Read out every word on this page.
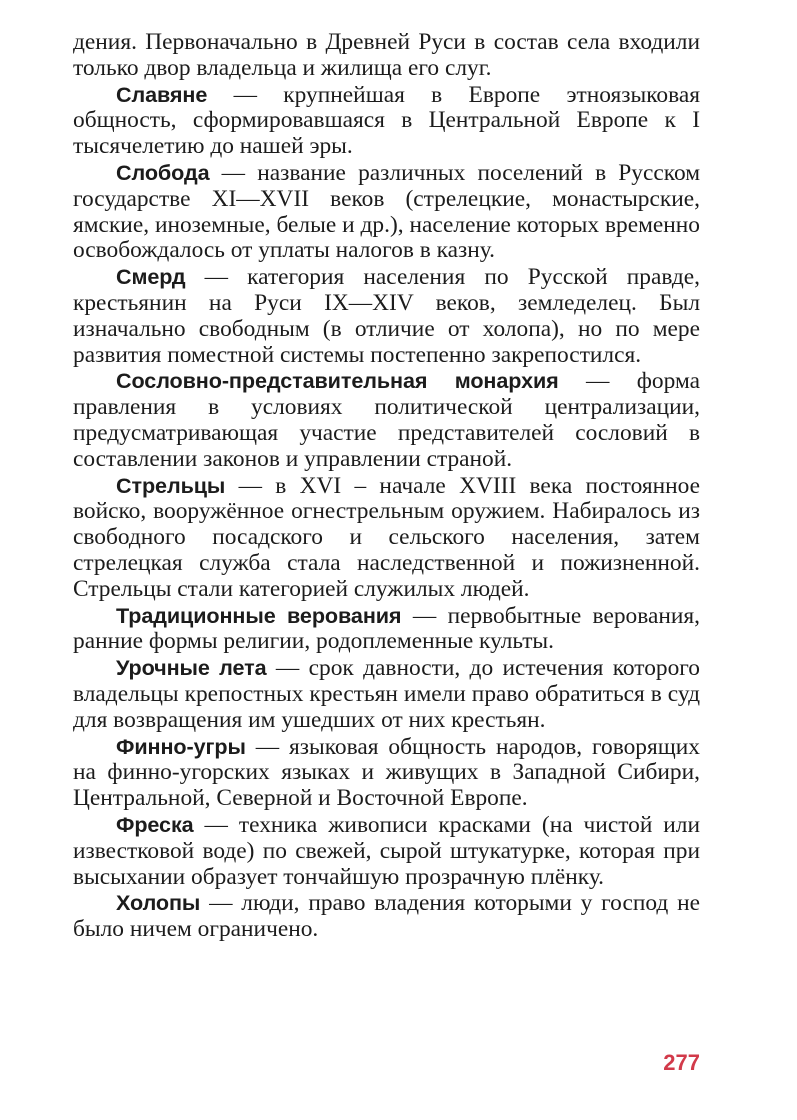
дения. Первоначально в Древней Руси в состав села входили только двор владельца и жилища его слуг.

Славяне — крупнейшая в Европе этноязыковая общность, сформировавшаяся в Центральной Европе к I тысячелетию до нашей эры.

Слобода — название различных поселений в Русском государстве XI—XVII веков (стрелецкие, монастырские, ямские, иноземные, белые и др.), население которых временно освобождалось от уплаты налогов в казну.

Смерд — категория населения по Русской правде, крестьянин на Руси IX—XIV веков, земледелец. Был изначально свободным (в отличие от холопа), но по мере развития поместной системы постепенно закрепостился.

Сословно-представительная монархия — форма правления в условиях политической централизации, предусматривающая участие представителей сословий в составлении законов и управлении страной.

Стрельцы — в XVI – начале XVIII века постоянное войско, вооружённое огнестрельным оружием. Набиралось из свободного посадского и сельского населения, затем стрелецкая служба стала наследственной и пожизненной. Стрельцы стали категорией служилых людей.

Традиционные верования — первобытные верования, ранние формы религии, родоплеменные культы.

Урочные лета — срок давности, до истечения которого владельцы крепостных крестьян имели право обратиться в суд для возвращения им ушедших от них крестьян.

Финно-угры — языковая общность народов, говорящих на финно-угорских языках и живущих в Западной Сибири, Центральной, Северной и Восточной Европе.

Фреска — техника живописи красками (на чистой или известковой воде) по свежей, сырой штукатурке, которая при высыхании образует тончайшую прозрачную плёнку.

Холопы — люди, право владения которыми у господ не было ничем ограничено.

277
